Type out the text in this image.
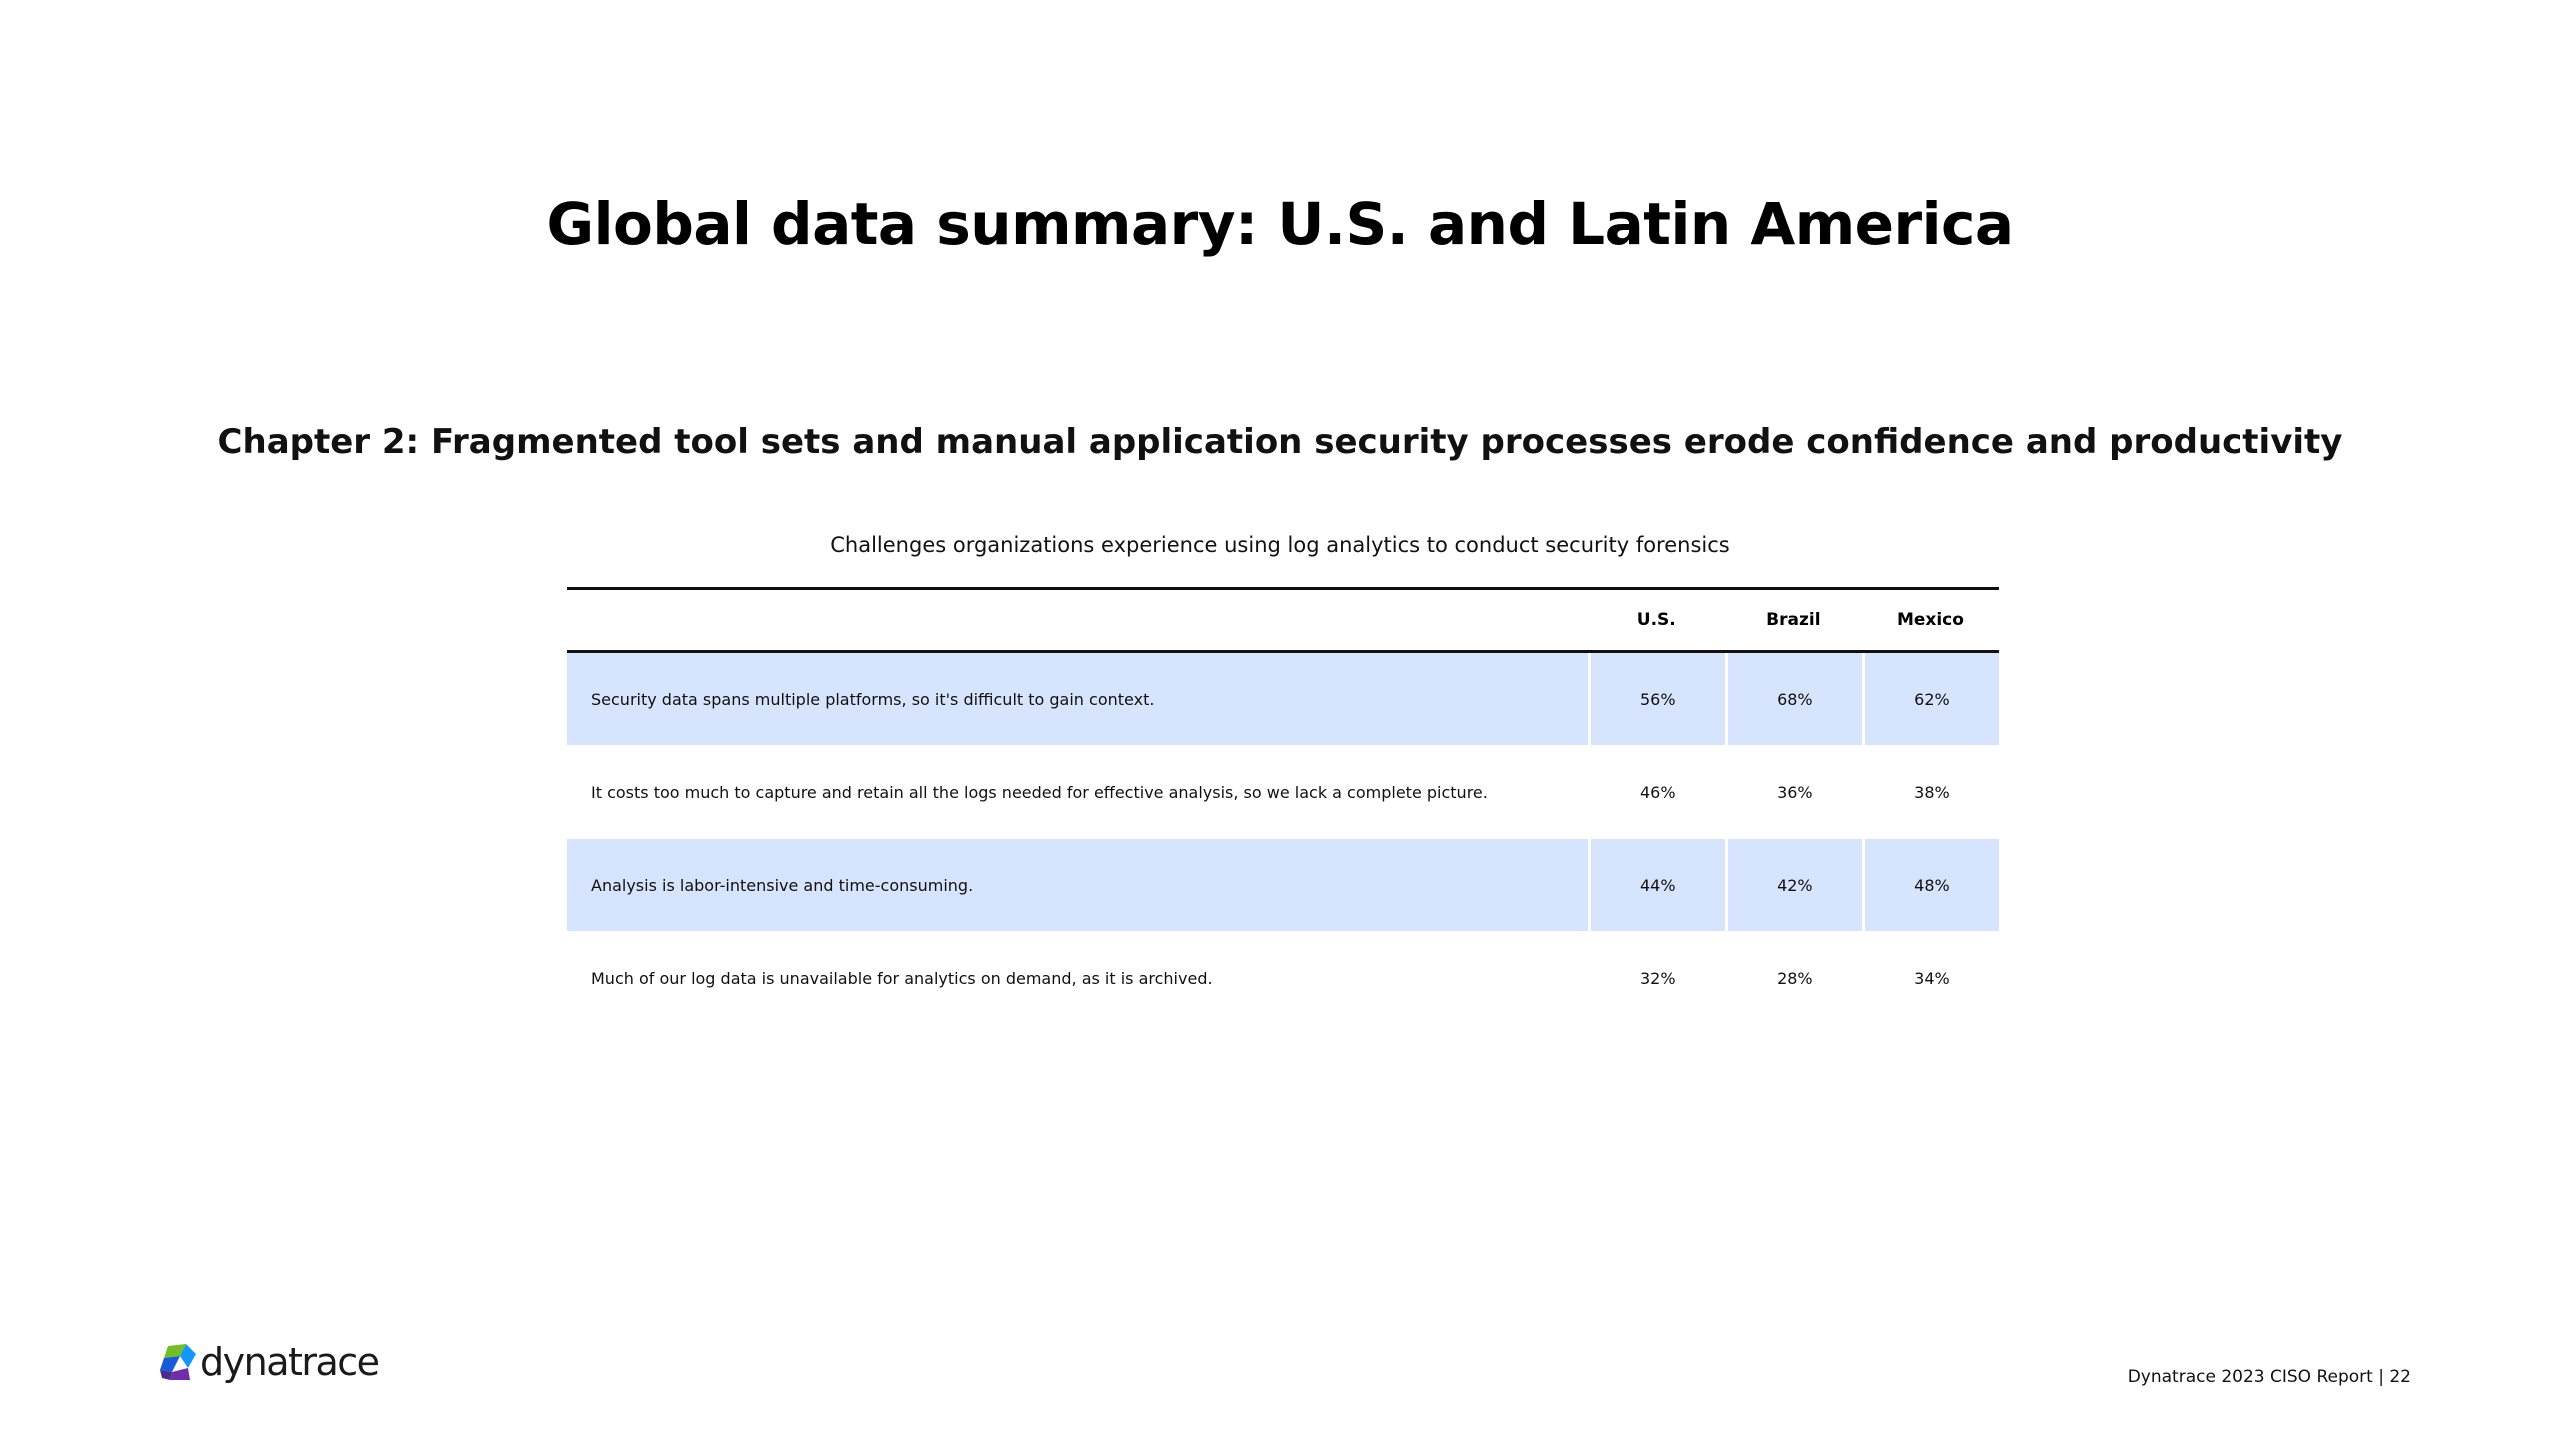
Global data summary: U.S. and Latin America
Chapter 2: Fragmented tool sets and manual application security processes erode confidence and productivity
Challenges organizations experience using log analytics to conduct security forensics
	U.S.	Brazil	Mexico
Security data spans multiple platforms, so it's difficult to gain context.	56%	68%	62%
It costs too much to capture and retain all the logs needed for effective analysis, so we lack a complete picture.	46%	36%	38%
Analysis is labor-intensive and time-consuming.	44%	42%	48%
Much of our log data is unavailable for analytics on demand, as it is archived.	32%	28%	34%
dynatrace	Dynatrace 2023 CISO Report | 22
